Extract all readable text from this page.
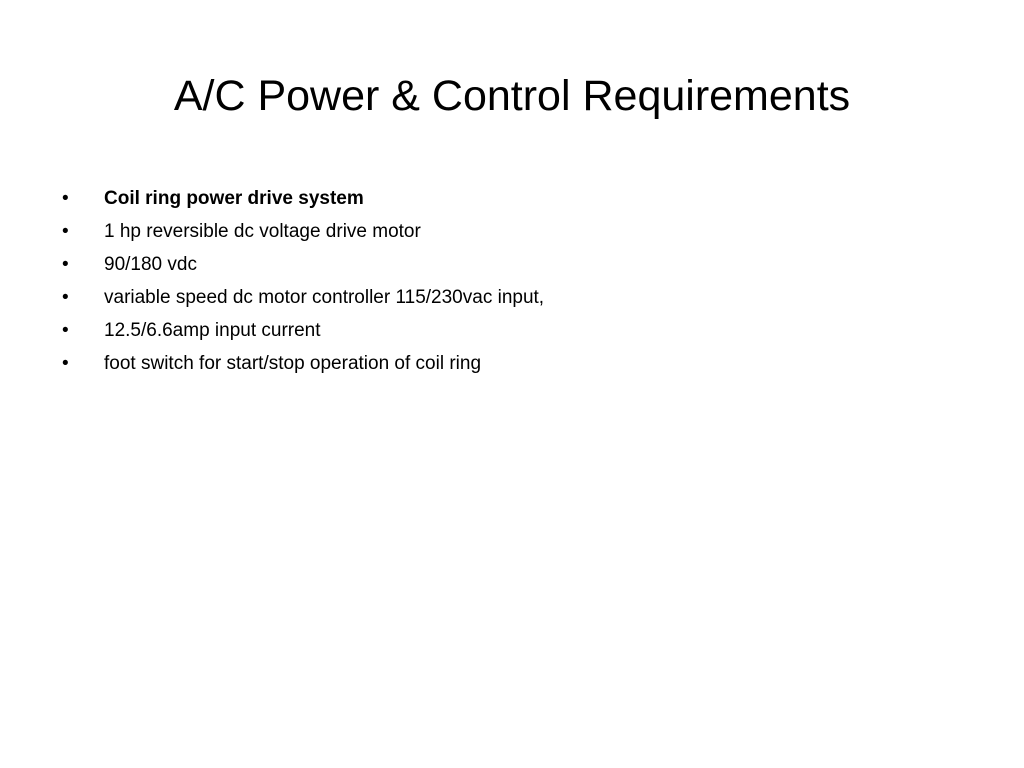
A/C Power & Control Requirements
•	Coil ring power drive system
•	1 hp reversible dc voltage drive motor
•	90/180 vdc
•	variable speed dc motor controller 115/230vac input,
•	12.5/6.6amp input current
•	foot switch for start/stop operation of coil ring
